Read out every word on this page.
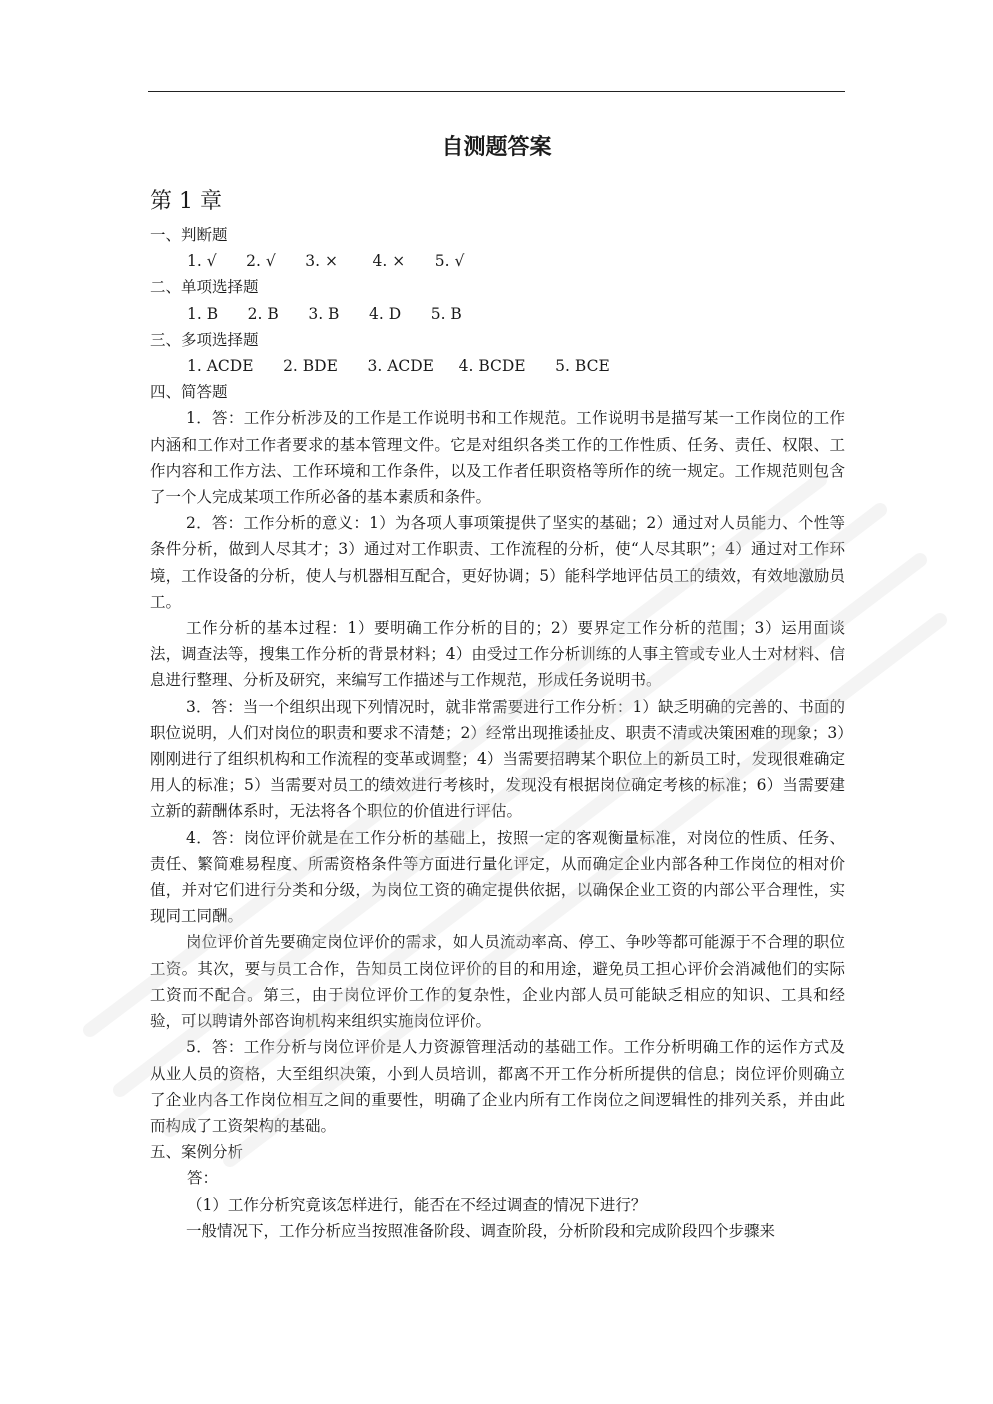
自测题答案
第 1 章

一、判断题

1. √      2. √      3. ×       4. ×      5. √

二、单项选择题

1. B      2. B      3. B      4. D      5. B

三、多项选择题

1. ACDE      2. BDE      3. ACDE     4. BCDE      5. BCE

四、简答题

1．答：工作分析涉及的工作是工作说明书和工作规范。工作说明书是描写某一工作岗位的工作内涵和工作对工作者要求的基本管理文件。它是对组织各类工作的工作性质、任务、责任、权限、工作内容和工作方法、工作环境和工作条件，以及工作者任职资格等所作的统一规定。工作规范则包含了一个人完成某项工作所必备的基本素质和条件。

2．答：工作分析的意义：1）为各项人事项策提供了坚实的基础；2）通过对人员能力、个性等条件分析，做到人尽其才；3）通过对工作职责、工作流程的分析，使“人尽其职”；4）通过对工作环境，工作设备的分析，使人与机器相互配合，更好协调；5）能科学地评估员工的绩效，有效地激励员工。

工作分析的基本过程：1）要明确工作分析的目的；2）要界定工作分析的范围；3）运用面谈法，调查法等，搜集工作分析的背景材料；4）由受过工作分析训练的人事主管或专业人士对材料、信息进行整理、分析及研究，来编写工作描述与工作规范，形成任务说明书。

3．答：当一个组织出现下列情况时，就非常需要进行工作分析：1）缺乏明确的完善的、书面的职位说明，人们对岗位的职责和要求不清楚；2）经常出现推诿扯皮、职责不清或决策困难的现象；3）刚刚进行了组织机构和工作流程的变革或调整；4）当需要招聘某个职位上的新员工时，发现很难确定用人的标准；5）当需要对员工的绩效进行考核时，发现没有根据岗位确定考核的标准；6）当需要建立新的薪酬体系时，无法将各个职位的价值进行评估。

4．答：岗位评价就是在工作分析的基础上，按照一定的客观衡量标准，对岗位的性质、任务、责任、繁简难易程度、所需资格条件等方面进行量化评定，从而确定企业内部各种工作岗位的相对价值，并对它们进行分类和分级，为岗位工资的确定提供依据，以确保企业工资的内部公平合理性，实现同工同酬。

岗位评价首先要确定岗位评价的需求，如人员流动率高、停工、争吵等都可能源于不合理的职位工资。其次，要与员工合作，告知员工岗位评价的目的和用途，避免员工担心评价会消减他们的实际工资而不配合。第三，由于岗位评价工作的复杂性，企业内部人员可能缺乏相应的知识、工具和经验，可以聘请外部咨询机构来组织实施岗位评价。

5．答：工作分析与岗位评价是人力资源管理活动的基础工作。工作分析明确工作的运作方式及从业人员的资格，大至组织决策，小到人员培训，都离不开工作分析所提供的信息；岗位评价则确立了企业内各工作岗位相互之间的重要性，明确了企业内所有工作岗位之间逻辑性的排列关系，并由此而构成了工资架构的基础。

五、案例分析

答：

（1）工作分析究竟该怎样进行，能否在不经过调查的情况下进行？

一般情况下，工作分析应当按照准备阶段、调查阶段，分析阶段和完成阶段四个步骤来
